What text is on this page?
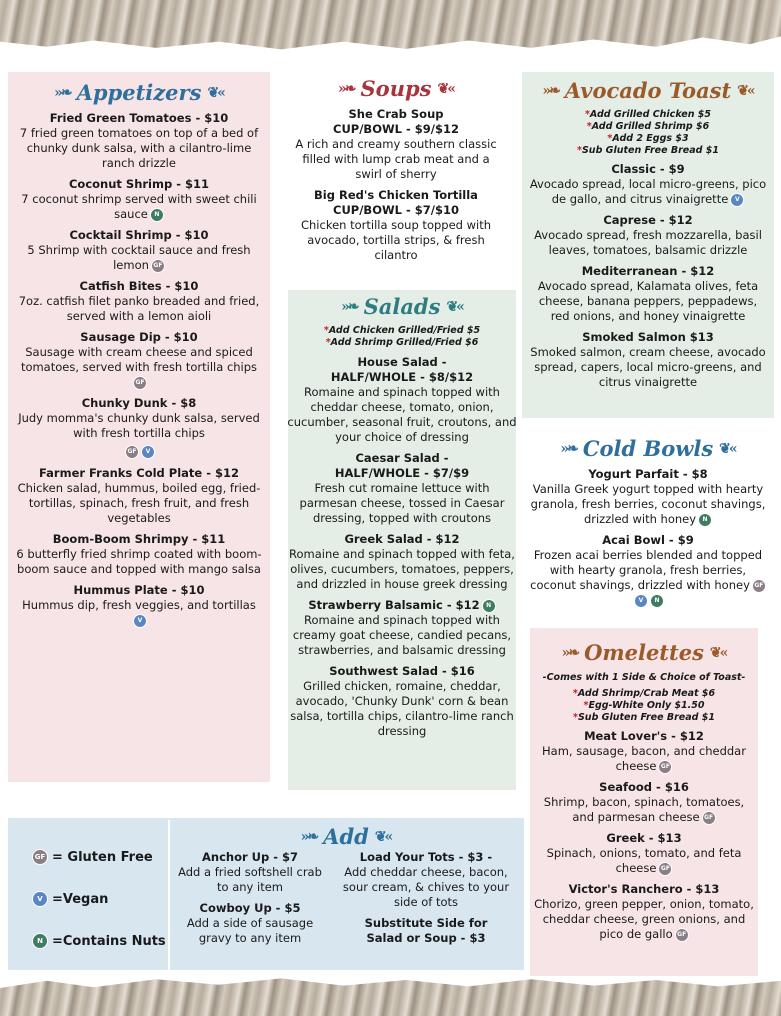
»❧ Appetizers ❦«
Fried Green Tomatoes - $10
7 fried green tomatoes on top of a bed of chunky dunk salsa, with a cilantro-lime ranch drizzle
Coconut Shrimp - $11
7 coconut shrimp served with sweet chili sauce N
Cocktail Shrimp - $10
5 Shrimp with cocktail sauce and fresh lemon GF
Catfish Bites - $10
7oz. catfish filet panko breaded and fried, served with a lemon aioli
Sausage Dip - $10
Sausage with cream cheese and spiced tomatoes, served with fresh tortilla chipsGF
Chunky Dunk - $8
Judy momma's chunky dunk salsa, served with fresh tortilla chips
GF V
Farmer Franks Cold Plate - $12
Chicken salad, hummus, boiled egg, fried-tortillas, spinach, fresh fruit, and fresh vegetables
Boom-Boom Shrimpy - $11
6 butterfly fried shrimp coated with boom-boom sauce and topped with mango salsa
Hummus Plate - $10
Hummus dip, fresh veggies, and tortillasV
»❧ Soups ❦«
She Crab Soup
CUP/BOWL - $9/$12
A rich and creamy southern classic filled with lump crab meat and a swirl of sherry
Big Red's Chicken Tortilla
CUP/BOWL - $7/$10
Chicken tortilla soup topped with avocado, tortilla strips, & fresh cilantro
»❧ Salads ❦«
*Add Chicken Grilled/Fried $5
*Add Shrimp Grilled/Fried $6
House Salad -
HALF/WHOLE - $8/$12
Romaine and spinach topped with cheddar cheese, tomato, onion, cucumber, seasonal fruit, croutons, and your choice of dressing
Caesar Salad -
HALF/WHOLE - $7/$9
Fresh cut romaine lettuce with parmesan cheese, tossed in Caesar dressing, topped with croutons
Greek Salad - $12
Romaine and spinach topped with feta, olives, cucumbers, tomatoes, peppers, and drizzled in house greek dressing
Strawberry Balsamic - $12 N
Romaine and spinach topped with creamy goat cheese, candied pecans, strawberries, and balsamic dressing
Southwest Salad - $16
Grilled chicken, romaine, cheddar, avocado, 'Chunky Dunk' corn & bean salsa, tortilla chips, cilantro-lime ranch dressing
»❧ Avocado Toast ❦«
*Add Grilled Chicken $5
*Add Grilled Shrimp $6
*Add 2 Eggs $3
*Sub Gluten Free Bread $1
Classic - $9
Avocado spread, local micro-greens, pico de gallo, and citrus vinaigrette V
Caprese - $12
Avocado spread, fresh mozzarella, basil leaves, tomatoes, balsamic drizzle
Mediterranean - $12
Avocado spread, Kalamata olives, feta cheese, banana peppers, peppadews, red onions, and honey vinaigrette
Smoked Salmon $13
Smoked salmon, cream cheese, avocado spread, capers, local micro-greens, and citrus vinaigrette
»❧ Cold Bowls ❦«
Yogurt Parfait - $8
Vanilla Greek yogurt topped with hearty granola, fresh berries, coconut shavings, drizzled with honey N
Acai Bowl - $9
Frozen acai berries blended and topped with hearty granola, fresh berries, coconut shavings, drizzled with honey GFV N
»❧ Omelettes ❦«
-Comes with 1 Side & Choice of Toast-
*Add Shrimp/Crab Meat $6
*Egg-White Only $1.50
*Sub Gluten Free Bread $1
Meat Lover's - $12
Ham, sausage, bacon, and cheddar cheese GF
Seafood - $16
Shrimp, bacon, spinach, tomatoes, and parmesan cheese GF
Greek - $13
Spinach, onions, tomato, and feta cheese GF
Victor's Ranchero - $13
Chorizo, green pepper, onion, tomato, cheddar cheese, green onions, and pico de gallo GF
GF = Gluten Free
V =Vegan
N =Contains Nuts
»❧ Add ❦«
Anchor Up - $7
Add a fried softshell crab to any item
Cowboy Up - $5
Add a side of sausage gravy to any item
Load Your Tots - $3 -
Add cheddar cheese, bacon, sour cream, & chives to your side of tots
Substitute Side for
Salad or Soup - $3
